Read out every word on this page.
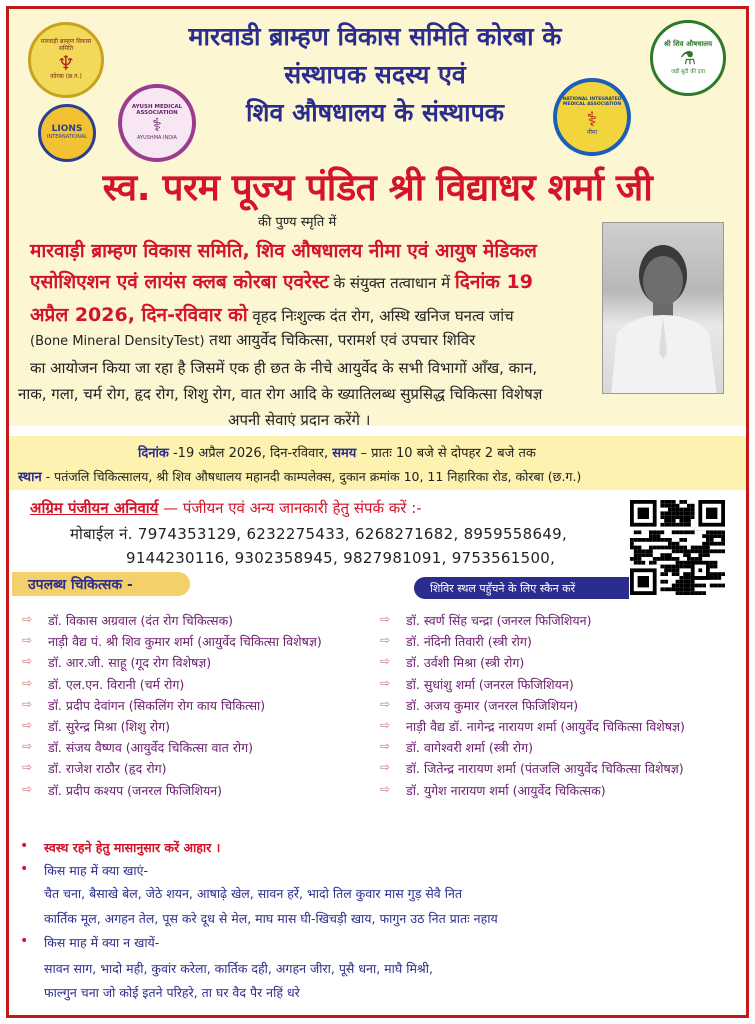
मारवाड़ी ब्राम्हण विकास समिति
♆
कोरबा (छ.ग.)
LIONS
INTERNATIONAL
AYUSH MEDICAL ASSOCIATION
⚕
AYUSHMA INDIA
NATIONAL INTEGRATED MEDICAL ASSOCIATION
⚕
नीमा
श्री शिव औषधालय
⚗
जड़ी बूटी की दवा
मारवाडी ब्राम्हण विकास समिति कोरबा के
संस्थापक सदस्य एवं
शिव औषधालय के संस्थापक
स्व. परम पूज्य पंडित श्री विद्याधर शर्मा जी
की पुण्य स्मृति में
मारवाड़ी ब्राम्हण विकास समिति, शिव औषधालय नीमा एवं आयुष मेडिकल
एसोशिएशन एवं लायंस क्लब कोरबा एवरेस्ट के संयुक्त तत्वाधान में दिनांक 19
अप्रैल 2026, दिन-रविवार को वृहद निःशुल्क दंत रोग, अस्थि खनिज घनत्व जांच
(Bone Mineral DensityTest) तथा आयुर्वेद चिकित्सा, परामर्श एवं उपचार शिविर
का आयोजन किया जा रहा है जिसमें एक ही छत के नीचे आयुर्वेद के सभी विभागों आँख, कान,
नाक, गला, चर्म रोग, हृद रोग, शिशु रोग, वात रोग आदि के ख्यातिलब्ध सुप्रसिद्ध चिकित्सा विशेषज्ञ
अपनी सेवाएं प्रदान करेंगे ।
दिनांक -19 अप्रैल 2026, दिन-रविवार, समय – प्रातः 10 बजे से दोपहर 2 बजे तक
स्थान - पतंजलि चिकित्सालय, श्री शिव औषधालय महानदी काम्पलेक्स, दुकान क्रमांक 10, 11 निहारिका रोड, कोरबा (छ.ग.)
अग्रिम पंजीयन अनिवार्य — पंजीयन एवं अन्य जानकारी हेतु संपर्क करें :-
मोबाईल नं. 7974353129, 6232275433, 6268271682, 8959558649,
9144230116, 9302358945, 9827981091, 9753561500,
उपलब्ध चिकित्सक -	शिविर स्थल पहुँचने के लिए स्कैन करें
⇨ डॉ. विकास अग्रवाल (दंत रोग चिकित्सक)
⇨ नाड़ी वैद्य पं. श्री शिव कुमार शर्मा (आयुर्वेद चिकित्सा विशेषज्ञ)
⇨ डॉ. आर.जी. साहू (गूद रोग विशेषज्ञ)
⇨ डॉ. एल.एन. विरानी (चर्म रोग)
⇨ डॉ. प्रदीप देवांगन (सिकलिंग रोग काय चिकित्सा)
⇨ डॉ. सुरेन्द्र मिश्रा (शिशु रोग)
⇨ डॉ. संजय वैष्णव (आयुर्वेद चिकित्सा वात रोग)
⇨ डॉ. राजेश राठौर (हृद रोग)
⇨ डॉ. प्रदीप कश्यप (जनरल फिजिशियन)
⇨ डॉ. स्वर्ण सिंह चन्द्रा (जनरल फिजिशियन)
⇨ डॉ. नंदिनी तिवारी (स्त्री रोग)
⇨ डॉ. उर्वशी मिश्रा (स्त्री रोग)
⇨ डॉ. सुधांशु शर्मा (जनरल फिजिशियन)
⇨ डॉ. अजय कुमार (जनरल फिजिशियन)
⇨ नाड़ी वैद्य डॉ. नागेन्द्र नारायण शर्मा (आयुर्वेद चिकित्सा विशेषज्ञ)
⇨ डॉ. वागेश्वरी शर्मा (स्त्री रोग)
⇨ डॉ. जितेन्द्र नारायण शर्मा (पंतजलि आयुर्वेद चिकित्सा विशेषज्ञ)
⇨ डॉ. युगेश नारायण शर्मा (आयुर्वेद चिकित्सक)
• स्वस्थ रहने हेतु मासानुसार करें आहार ।
• किस माह में क्या खाएं-
चैत चना, बैसाखे बेल, जेठे शयन, आषाढ़े खेल, सावन हर्रे, भादो तिल कुवार मास गुड़ सेवै नित
कार्तिक मूल, अगहन तेल, पूस करे दूध से मेल, माघ मास घी-खिचड़ी खाय, फागुन उठ नित प्रातः नहाय
• किस माह में क्या न खायें-
सावन साग, भादो मही, कुवांर करेला, कार्तिक दही, अगहन जीरा, पूसै धना, माघै मिश्री,
फाल्गुन चना जो कोई इतने परिहरे, ता घर वैद पैर नहिं धरे
